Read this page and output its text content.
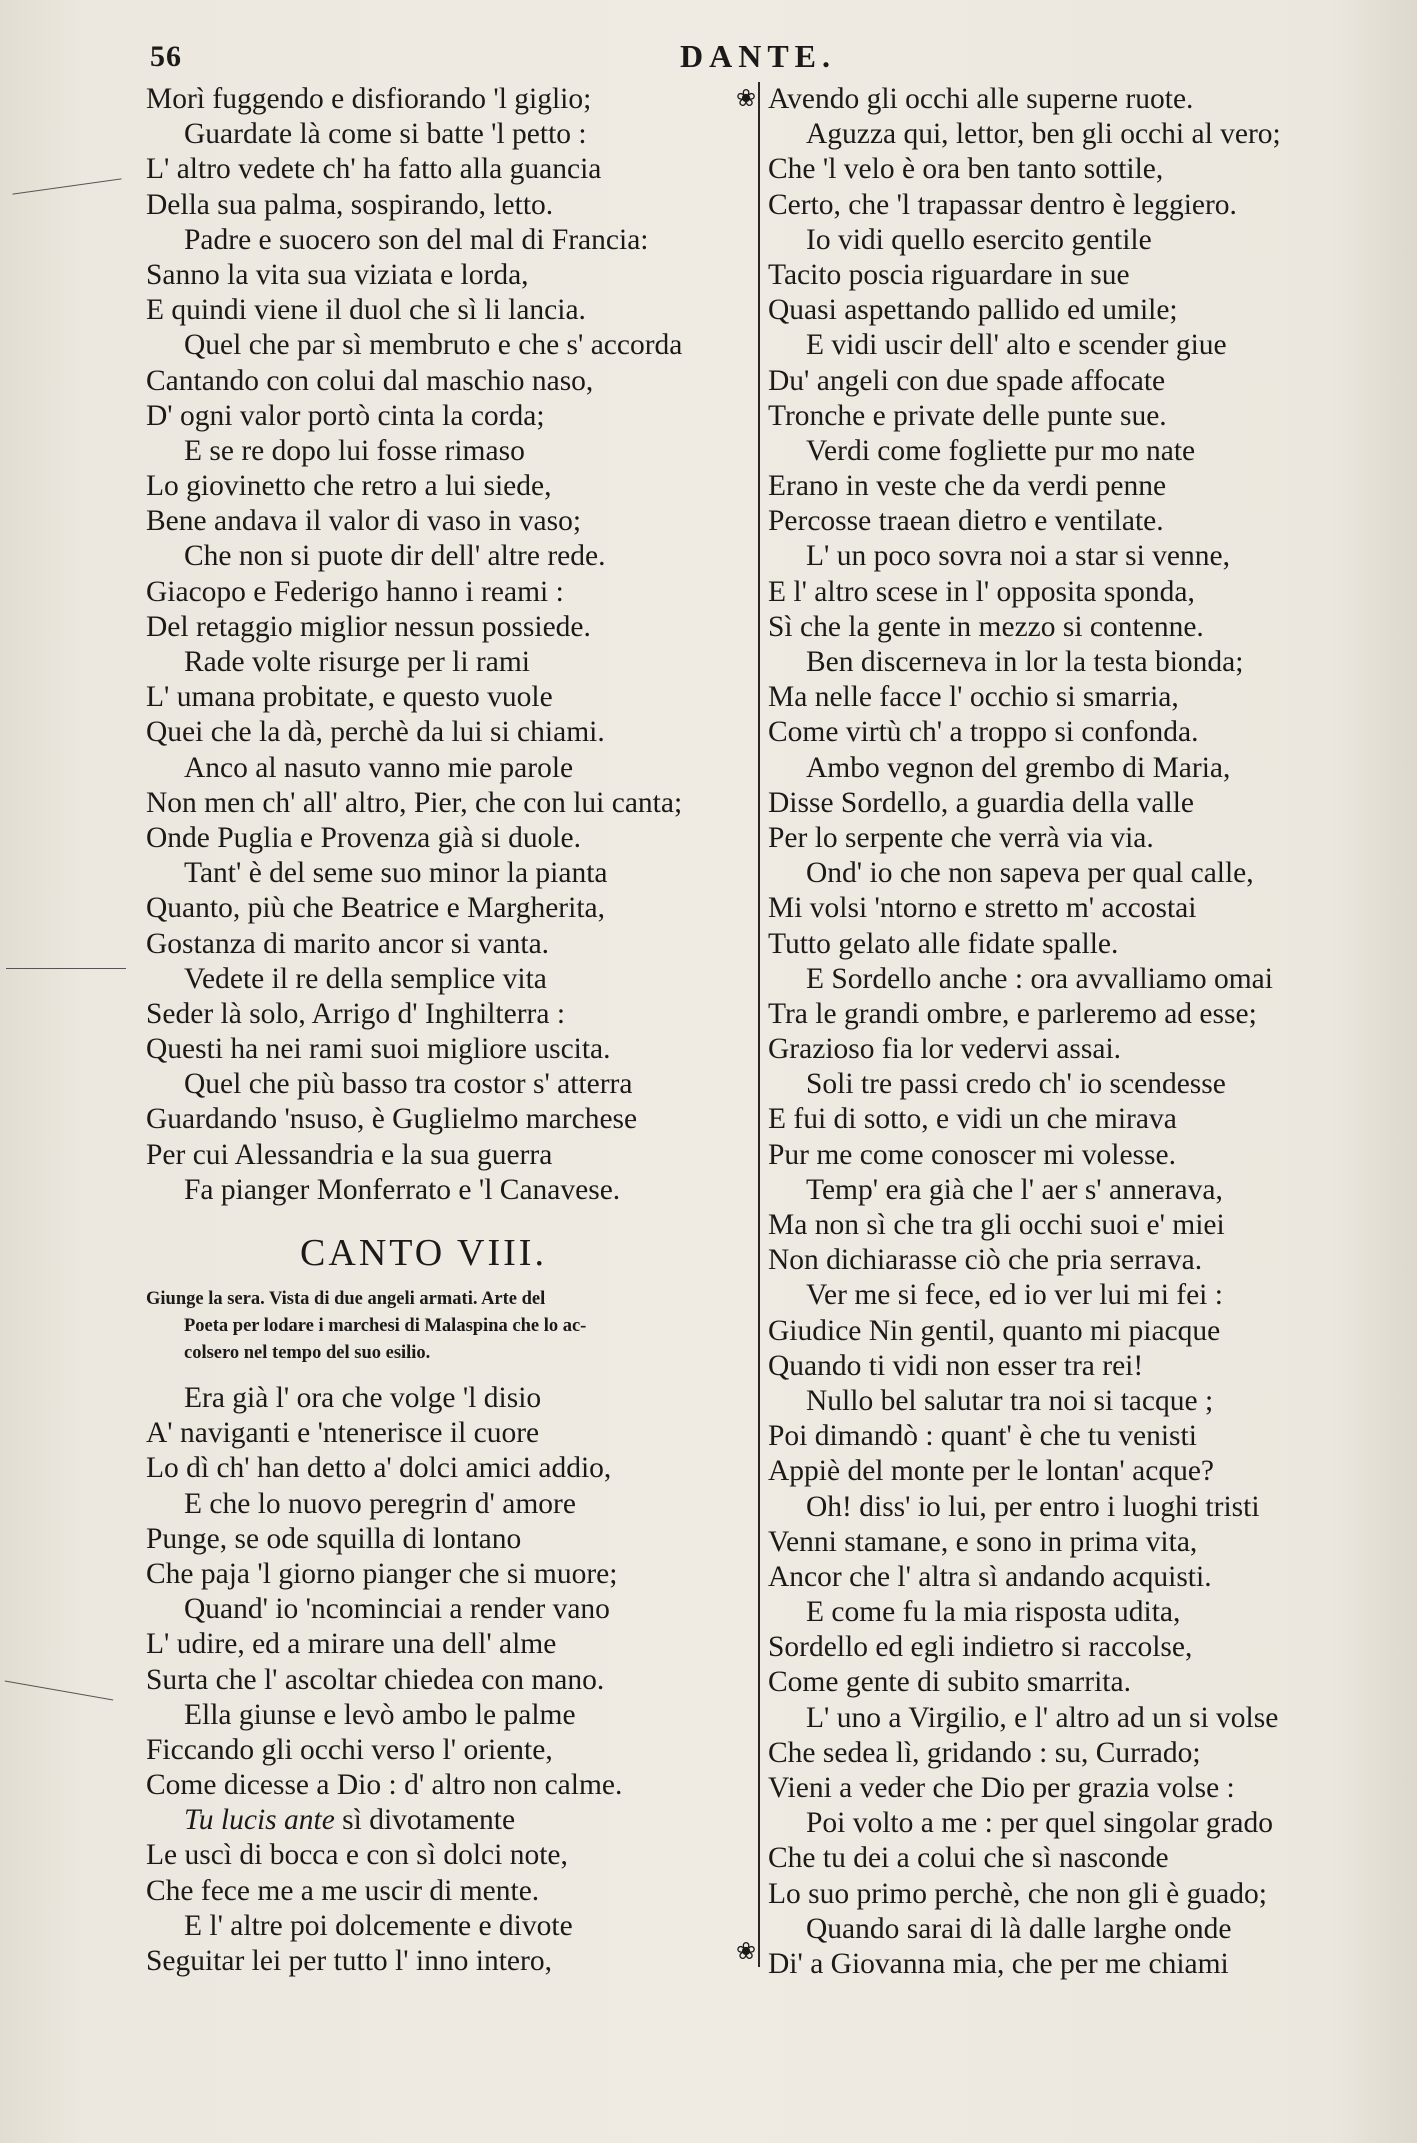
56	DANTE.
❀
❀
Morì fuggendo e disfiorando 'l giglio;
Guardate là come si batte 'l petto :
L' altro vedete ch' ha fatto alla guancia
Della sua palma, sospirando, letto.
Padre e suocero son del mal di Francia:
Sanno la vita sua viziata e lorda,
E quindi viene il duol che sì li lancia.
Quel che par sì membruto e che s' accorda
Cantando con colui dal maschio naso,
D' ogni valor portò cinta la corda;
E se re dopo lui fosse rimaso
Lo giovinetto che retro a lui siede,
Bene andava il valor di vaso in vaso;
Che non si puote dir dell' altre rede.
Giacopo e Federigo hanno i reami :
Del retaggio miglior nessun possiede.
Rade volte risurge per li rami
L' umana probitate, e questo vuole
Quei che la dà, perchè da lui si chiami.
Anco al nasuto vanno mie parole
Non men ch' all' altro, Pier, che con lui canta;
Onde Puglia e Provenza già si duole.
Tant' è del seme suo minor la pianta
Quanto, più che Beatrice e Margherita,
Gostanza di marito ancor si vanta.
Vedete il re della semplice vita
Seder là solo, Arrigo d' Inghilterra :
Questi ha nei rami suoi migliore uscita.
Quel che più basso tra costor s' atterra
Guardando 'nsuso, è Guglielmo marchese
Per cui Alessandria e la sua guerra
Fa pianger Monferrato e 'l Canavese.
CANTO VIII.
Giunge la sera. Vista di due angeli armati. Arte del
Poeta per lodare i marchesi di Malaspina che lo ac-
colsero nel tempo del suo esilio.
Era già l' ora che volge 'l disio
A' naviganti e 'ntenerisce il cuore
Lo dì ch' han detto a' dolci amici addio,
E che lo nuovo peregrin d' amore
Punge, se ode squilla di lontano
Che paja 'l giorno pianger che si muore;
Quand' io 'ncominciai a render vano
L' udire, ed a mirare una dell' alme
Surta che l' ascoltar chiedea con mano.
Ella giunse e levò ambo le palme
Ficcando gli occhi verso l' oriente,
Come dicesse a Dio : d' altro non calme.
Tu lucis ante sì divotamente
Le uscì di bocca e con sì dolci note,
Che fece me a me uscir di mente.
E l' altre poi dolcemente e divote
Seguitar lei per tutto l' inno intero,
Avendo gli occhi alle superne ruote.
Aguzza qui, lettor, ben gli occhi al vero;
Che 'l velo è ora ben tanto sottile,
Certo, che 'l trapassar dentro è leggiero.
Io vidi quello esercito gentile
Tacito poscia riguardare in sue
Quasi aspettando pallido ed umile;
E vidi uscir dell' alto e scender giue
Du' angeli con due spade affocate
Tronche e private delle punte sue.
Verdi come fogliette pur mo nate
Erano in veste che da verdi penne
Percosse traean dietro e ventilate.
L' un poco sovra noi a star si venne,
E l' altro scese in l' opposita sponda,
Sì che la gente in mezzo si contenne.
Ben discerneva in lor la testa bionda;
Ma nelle facce l' occhio si smarria,
Come virtù ch' a troppo si confonda.
Ambo vegnon del grembo di Maria,
Disse Sordello, a guardia della valle
Per lo serpente che verrà via via.
Ond' io che non sapeva per qual calle,
Mi volsi 'ntorno e stretto m' accostai
Tutto gelato alle fidate spalle.
E Sordello anche : ora avvalliamo omai
Tra le grandi ombre, e parleremo ad esse;
Grazioso fia lor vedervi assai.
Soli tre passi credo ch' io scendesse
E fui di sotto, e vidi un che mirava
Pur me come conoscer mi volesse.
Temp' era già che l' aer s' annerava,
Ma non sì che tra gli occhi suoi e' miei
Non dichiarasse ciò che pria serrava.
Ver me si fece, ed io ver lui mi fei :
Giudice Nin gentil, quanto mi piacque
Quando ti vidi non esser tra rei!
Nullo bel salutar tra noi si tacque ;
Poi dimandò : quant' è che tu venisti
Appiè del monte per le lontan' acque?
Oh! diss' io lui, per entro i luoghi tristi
Venni stamane, e sono in prima vita,
Ancor che l' altra sì andando acquisti.
E come fu la mia risposta udita,
Sordello ed egli indietro si raccolse,
Come gente di subito smarrita.
L' uno a Virgilio, e l' altro ad un si volse
Che sedea lì, gridando : su, Currado;
Vieni a veder che Dio per grazia volse :
Poi volto a me : per quel singolar grado
Che tu dei a colui che sì nasconde
Lo suo primo perchè, che non gli è guado;
Quando sarai di là dalle larghe onde
Di' a Giovanna mia, che per me chiami
